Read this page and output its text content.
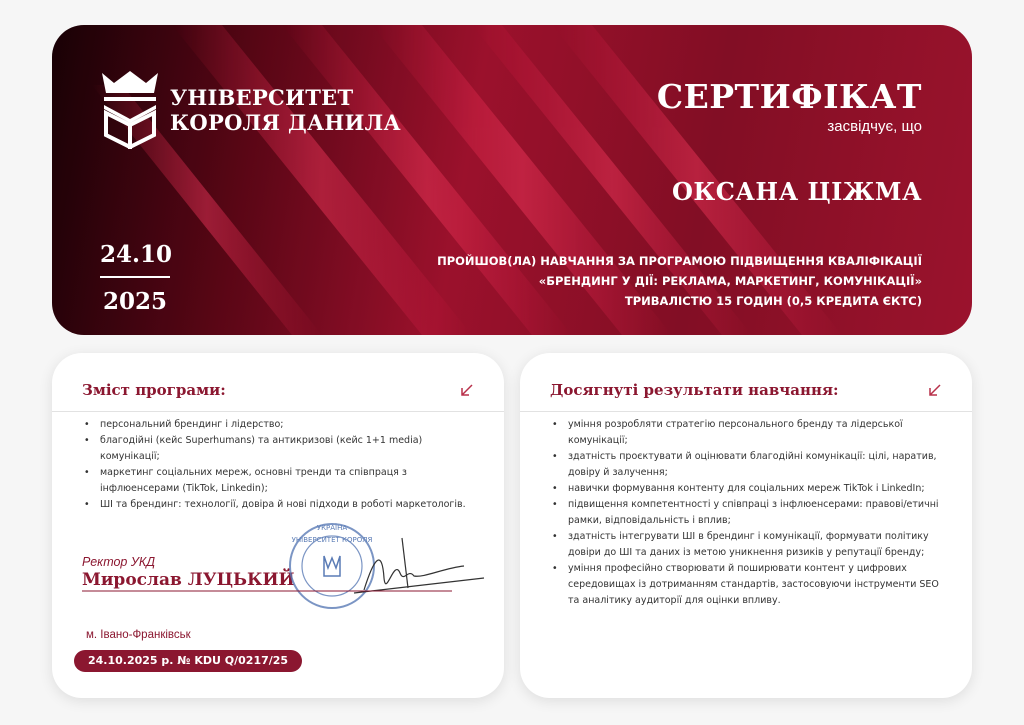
УНІВЕРСИТЕТ
КОРОЛЯ ДАНИЛА
24.10
2025
СЕРТИФІКАТ
засвідчує, що
ОКСАНА ЦІЖМА
ПРОЙШОВ(ЛА) НАВЧАННЯ ЗА ПРОГРАМОЮ ПІДВИЩЕННЯ КВАЛІФІКАЦІЇ
«БРЕНДИНГ У ДІЇ: РЕКЛАМА, МАРКЕТИНГ, КОМУНІКАЦІЇ»
ТРИВАЛІСТЮ 15 ГОДИН (0,5 КРЕДИТА ЄКТС)
Зміст програми:
• персональний брендинг і лідерство;
• благодійні (кейс Superhumans) та антикризові (кейс 1+1 media) комунікації;
• маркетинг соціальних мереж, основні тренди та співпраця з інфлюенсерами (TikTok, Linkedin);
• ШІ та брендинг: технології, довіра й нові підходи в роботі маркетологів.
Ректор УКД
Мирослав ЛУЦЬКИЙ
УКРАЇНА
УНІВЕРСИТЕТ КОРОЛЯ
м. Івано-Франківськ
24.10.2025 р. № KDU Q/0217/25
Досягнуті результати навчання:
• уміння розробляти стратегію персонального бренду та лідерської комунікації;
• здатність проєктувати й оцінювати благодійні комунікації: цілі, наратив, довіру й залучення;
• навички формування контенту для соціальних мереж TikTok і LinkedIn;
• підвищення компетентності у співпраці з інфлюенсерами: правові/етичні рамки, відповідальність і вплив;
• здатність інтегрувати ШІ в брендинг і комунікації, формувати політику довіри до ШІ та даних із метою уникнення ризиків у репутації бренду;
• уміння професійно створювати й поширювати контент у цифрових середовищах із дотриманням стандартів, застосовуючи інструменти SEO та аналітику аудиторії для оцінки впливу.
